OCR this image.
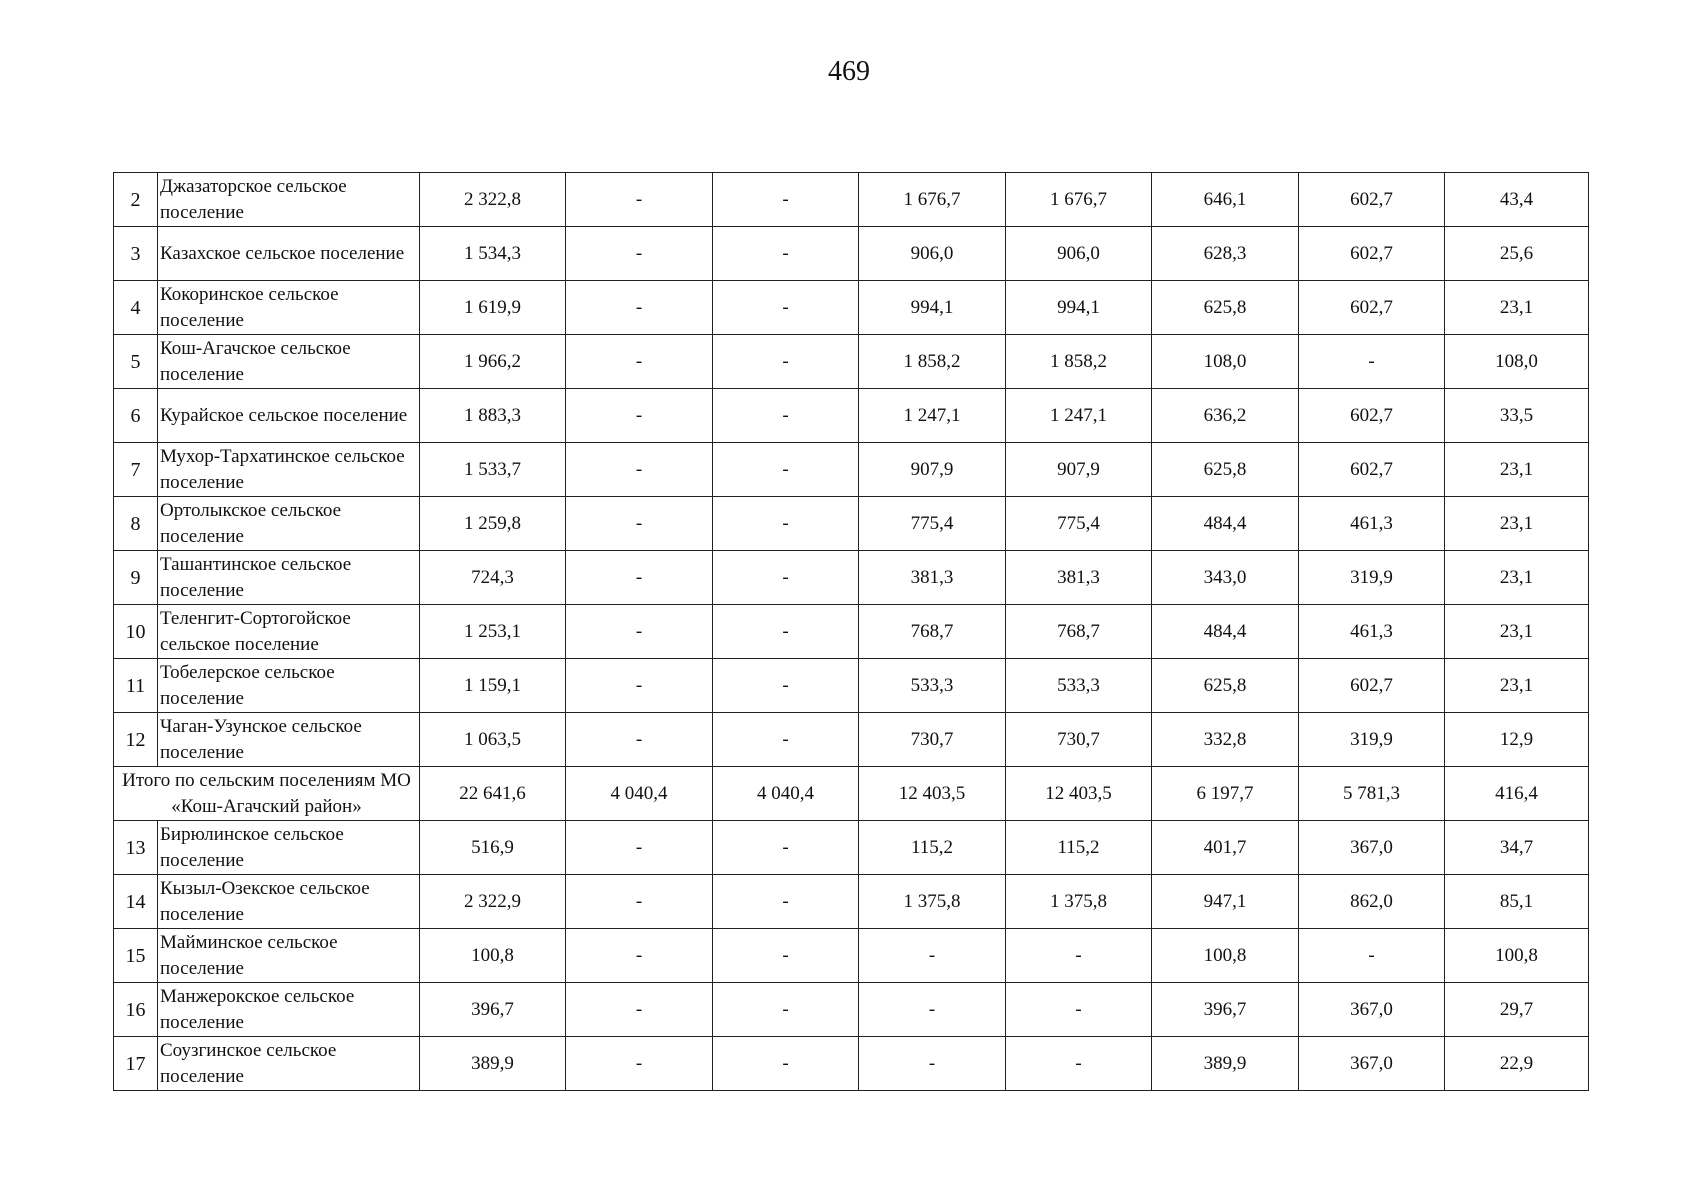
469
2	Джазаторское сельское поселение	2 322,8	-	-	1 676,7	1 676,7	646,1	602,7	43,4
3	Казахское сельское поселение	1 534,3	-	-	906,0	906,0	628,3	602,7	25,6
4	Кокоринское сельское поселение	1 619,9	-	-	994,1	994,1	625,8	602,7	23,1
5	Кош-Агачское сельское поселение	1 966,2	-	-	1 858,2	1 858,2	108,0	-	108,0
6	Курайское сельское поселение	1 883,3	-	-	1 247,1	1 247,1	636,2	602,7	33,5
7	Мухор-Тархатинское сельское поселение	1 533,7	-	-	907,9	907,9	625,8	602,7	23,1
8	Ортолыкское сельское поселение	1 259,8	-	-	775,4	775,4	484,4	461,3	23,1
9	Ташантинское сельское поселение	724,3	-	-	381,3	381,3	343,0	319,9	23,1
10	Теленгит-Сортогойское сельское поселение	1 253,1	-	-	768,7	768,7	484,4	461,3	23,1
11	Тобелерское сельское поселение	1 159,1	-	-	533,3	533,3	625,8	602,7	23,1
12	Чаган-Узунское сельское поселение	1 063,5	-	-	730,7	730,7	332,8	319,9	12,9
Итого по сельским поселениям МО «Кош-Агачский район»		22 641,6	4 040,4	4 040,4	12 403,5	12 403,5	6 197,7	5 781,3	416,4
13	Бирюлинское сельское поселение	516,9	-	-	115,2	115,2	401,7	367,0	34,7
14	Кызыл-Озекское сельское поселение	2 322,9	-	-	1 375,8	1 375,8	947,1	862,0	85,1
15	Майминское сельское поселение	100,8	-	-	-	-	100,8	-	100,8
16	Манжерокское сельское поселение	396,7	-	-	-	-	396,7	367,0	29,7
17	Соузгинское сельское поселение	389,9	-	-	-	-	389,9	367,0	22,9
